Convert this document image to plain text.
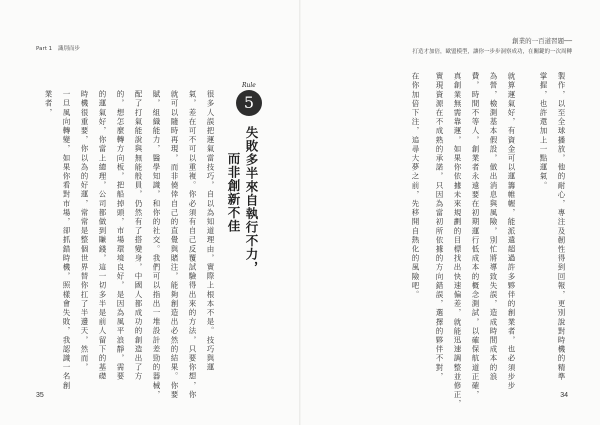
Part 1 識別而步
Rule
5
失敗多半來自執行不力，
而非創新不佳
很多人誤把運氣當技巧，自以為知道理由，實際上根本不是。技巧與運
氣，差在可不可以重複。你必須有自己反覆試驗得出來的方法，只要你想，你
就可以隨時再現，而非僥倖自己的直覺與賭注，能夠創造出必然的結果。你要
賦，組織能力，醫學知識，和你的社交。我們可以指出一堆設計差勁的器械，
配了打氣能說與無能般員，仍然有了搭變身，中國人都成功的創造出了方
的，想怎麼轉方向板，把船掉頭，市場環境良好，是因為風平浪靜，需要
的運氣好，你當上總理，公司都做到賺錢，這一切多半是前人留下的基礎
時機很重要，你以為的好運，常常是整個世界替你扛了半邊天，然而，
一旦風向轉變，如果你看對市場，卻抓錯時機，照樣會失敗，我認識一名創
業者，
35
創業的一百道習題──
打造才加倍，歐盟模型，讓你一步步洞察成功，在關鍵的一次周轉
製作，以至全球播放，他的耐心，專注及韌性得到回報，更別說對時機的精準
掌握，也許還加上一點運氣。
就算運氣好，有資金可以運籌帷幄，能派遣超過許多夥伴的創業者，也必須步步
為營，檢測基本假設，做出消息與風險，別忙將導致失誤，造成時間成本的浪
費，時間不等人，創業者永遠要在初期運行低成本的概念測試，以確保航道正確，
真創業無需靠運，如果你依據未來規劃的目標找出快速偏差，就能迅速調整並修正，
實現資源在不成熟的承諾，只因為當初所依據的方向錯誤，選擇的夥伴不對，
在你加倍下注，追尋大夢之前，先移開自熱化的風險吧。
34
